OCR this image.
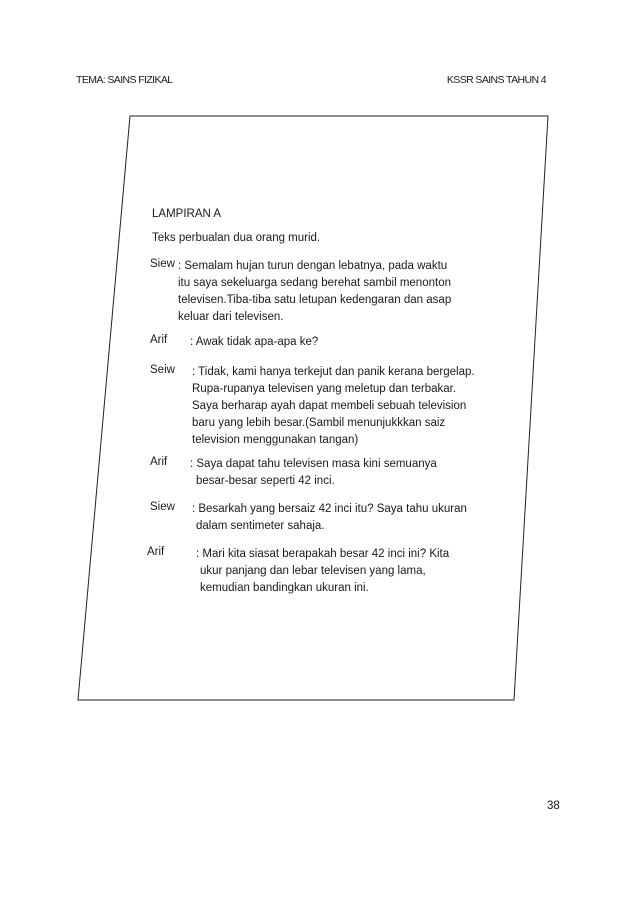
TEMA: SAINS FIZIKAL	KSSR SAINS TAHUN 4
LAMPIRAN A
Teks perbualan dua orang murid.
Siew : Semalam hujan turun dengan lebatnya, pada waktu
itu saya sekeluarga sedang berehat sambil menonton
televisen.Tiba-tiba satu letupan kedengaran dan asap
keluar dari televisen.
Arif : Awak tidak apa-apa ke?
Seiw : Tidak, kami hanya terkejut dan panik kerana bergelap.
Rupa-rupanya televisen yang meletup dan terbakar.
Saya berharap ayah dapat membeli sebuah television
baru yang lebih besar.(Sambil menunjukkkan saiz
television menggunakan tangan)
Arif : Saya dapat tahu televisen masa kini semuanya
besar-besar seperti 42 inci.
Siew : Besarkah yang bersaiz 42 inci itu? Saya tahu ukuran
dalam sentimeter sahaja.
Arif	: Mari kita siasat berapakah besar 42 inci ini? Kita
ukur panjang dan lebar televisen yang lama,
kemudian bandingkan ukuran ini.
38
